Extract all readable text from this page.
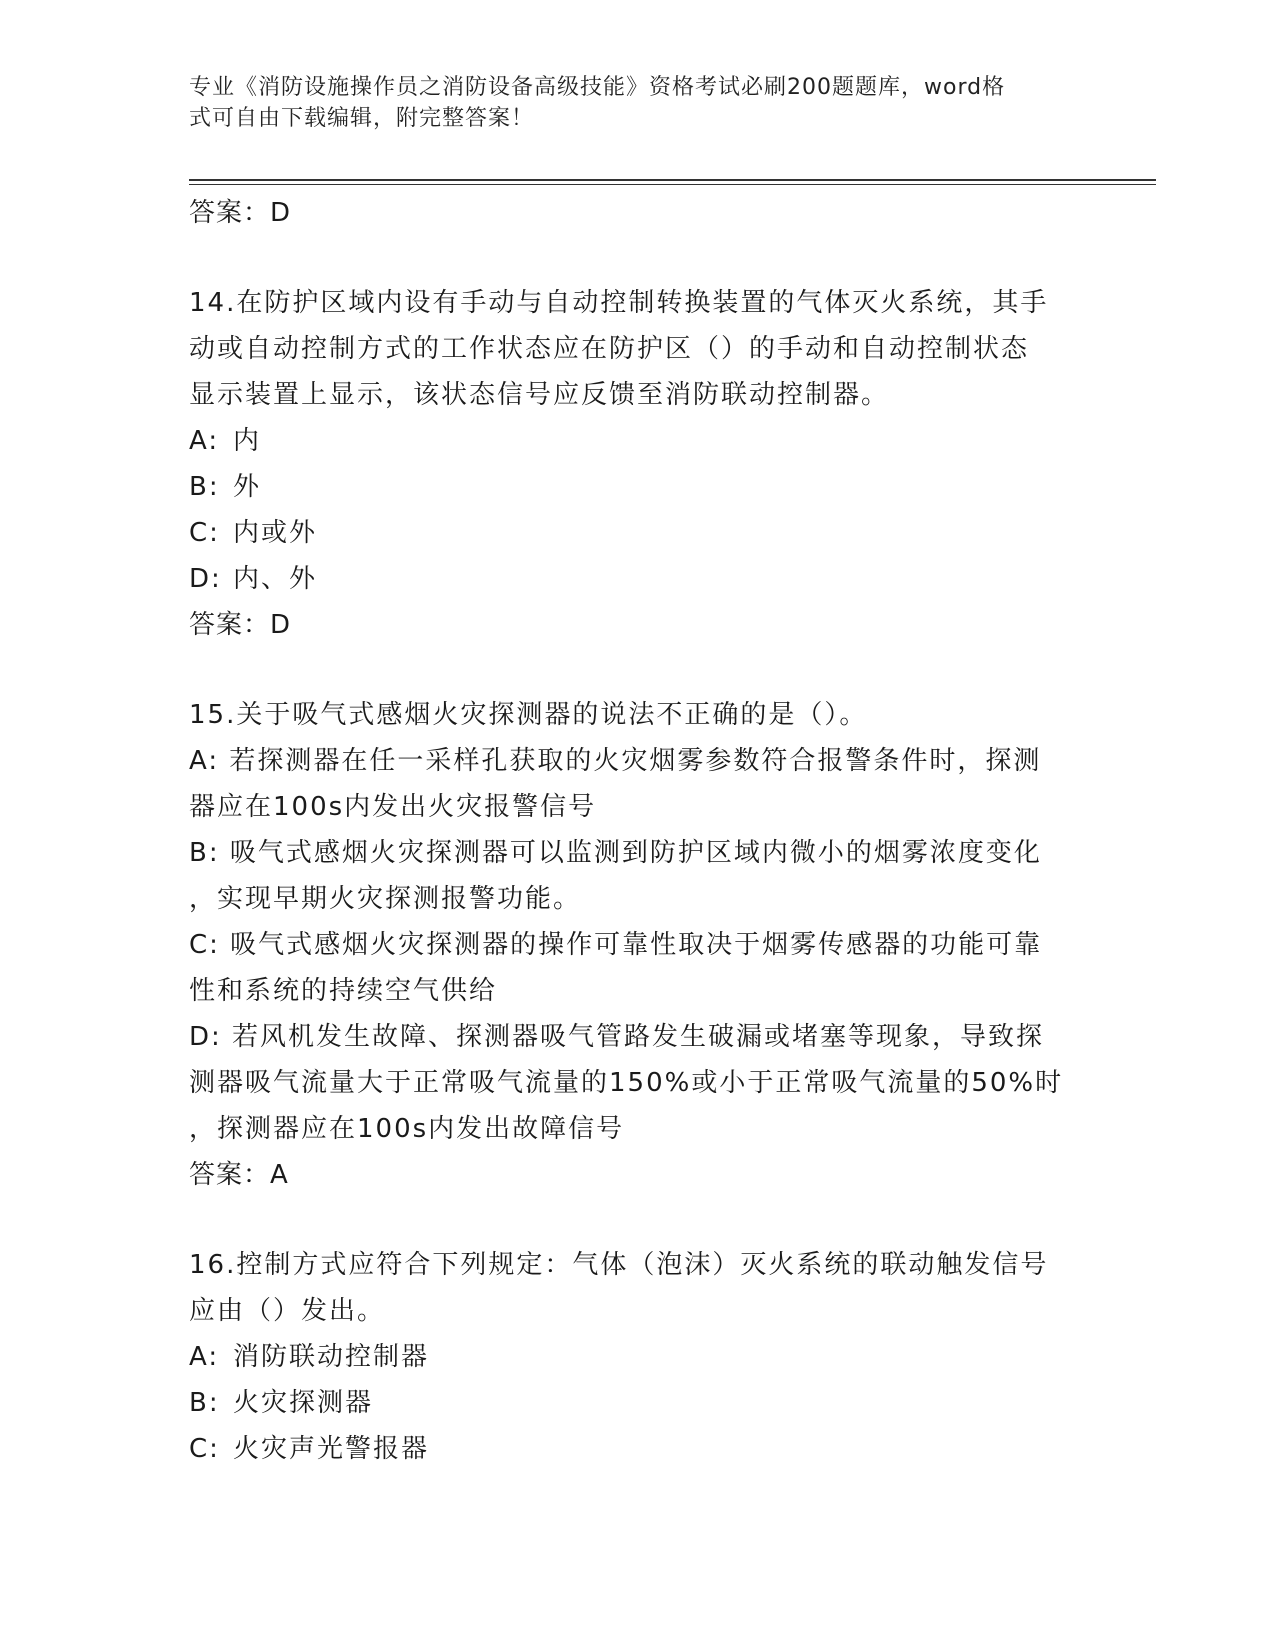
专业《消防设施操作员之消防设备高级技能》资格考试必刷200题题库，word格
式可自由下载编辑，附完整答案！

答案：D

14.在防护区域内设有手动与自动控制转换装置的气体灭火系统，其手

动或自动控制方式的工作状态应在防护区（）的手动和自动控制状态

显示装置上显示，该状态信号应反馈至消防联动控制器。

A: 内

B: 外

C: 内或外

D: 内、外

答案：D

15.关于吸气式感烟火灾探测器的说法不正确的是（）。

A: 若探测器在任一采样孔获取的火灾烟雾参数符合报警条件时，探测

器应在100s内发出火灾报警信号

B: 吸气式感烟火灾探测器可以监测到防护区域内微小的烟雾浓度变化

，实现早期火灾探测报警功能。

C: 吸气式感烟火灾探测器的操作可靠性取决于烟雾传感器的功能可靠

性和系统的持续空气供给

D: 若风机发生故障、探测器吸气管路发生破漏或堵塞等现象，导致探

测器吸气流量大于正常吸气流量的150%或小于正常吸气流量的50%时

，探测器应在100s内发出故障信号

答案：A

16.控制方式应符合下列规定：气体（泡沫）灭火系统的联动触发信号

应由（）发出。

A: 消防联动控制器

B: 火灾探测器

C: 火灾声光警报器
